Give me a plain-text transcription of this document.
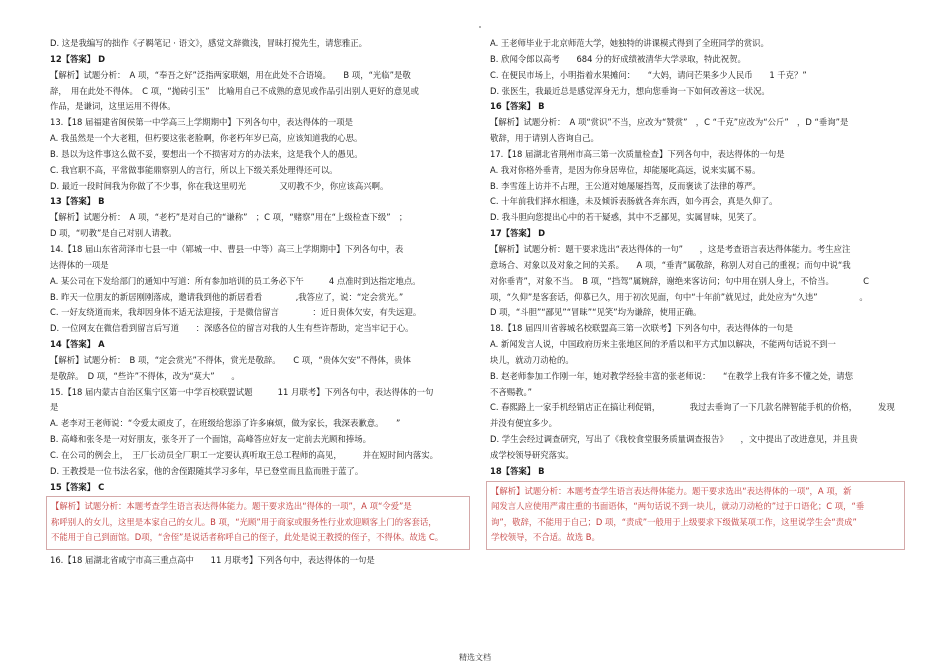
D. 这是我编写的拙作《孑羁笔记 · 语文》，感觉文辞微浅，冒昧打搅先生，请您雅正。
12【答案】 D
【解析】试题分析：　A 项，“奉吾之好”泛指两家联姻，用在此处不合语境。　　B 项，“光临”是敬
辞，　用在此处不得体。　C 项，“抛砖引玉”　比喻用自己不成熟的意见或作品引出别人更好的意见或
作品，是谦词，这里运用不得体。
13.【18 届福建省闽侯第一中学高三上学期期中】下列各句中，表达得体的一项是
A. 我虽然是一个大老粗，但朽要这张老脸啊，你老朽年岁已高，应该知道我的心思。
B. 恳以为这件事这么做不妥，要想出一个不损害对方的办法来，这是我个人的愚见。
C. 我官职不高，平常做事能鼎察别人的言行，所以上下级关系处理得还可以。
D. 最近一段时间我为你做了不少事，你在我这里叨光　　　　又叨教不少，你应该高兴啊。
13【答案】 B
【解析】试题分析：　A 项，“老朽”是对自己的“谦称”　；C 项，“赌察”用在“上级检查下级”　；
D 项，“叨教”是自己对别人请教。
14.【18 届山东省菏泽市七县一中（郓城一中、曹县一中等）高三上学期期中】下列各句中，表
达得体的一项是
A. 某公司在下发给部门的通知中写道：所有参加培训的员工务必下午　　　4 点准时到达指定地点。
B. 昨天一位朋友的新居刚刚落成，邀请我到他的新居看看　　　　,我答应了，说：“定会赏光。”
C. 一好友绕道而来，我却因身体不适无法迎接，于是微信留言　　　　：近日贵体欠安，有失远迎。
D. 一位网友在微信看到留言后写道　　：深感各位的留言对我的人生有些许帮助，定当牢记于心。
14【答案】 A
【解析】试题分析：　B 项，“定会赏光”不得体，赏光是敬辞。　　C 项，“贵体欠安”不得体，贵体
是敬辞。　D 项，“些许”不得体，改为“莫大”　　。
15.【18 届内蒙古自治区集宁区第一中学百校联盟试题　　　11 月联考】下列各句中，表达得体的一句
是
A. 老李对王老师说：“令爱太顽皮了，在班级给您添了许多麻烦，做为家长，我深表歉意。　　”
B. 高峰和张冬是一对好朋友，张冬开了一个面馆，高峰答应好友一定前去光顾和捧场。
C. 在公司的例会上，　王厂长动员全厂职工一定要认真听取王总工程师的高见，　　　并在短时间内落实。
D. 王教授是一位书法名家，他的舍侄跟随其学习多年，早已登堂而且监而胜于蓝了。
15【答案】 C
【解析】试题分析：本题考查学生语言表达得体能力。题干要求选出“得体的一项”，A 项“令爱”是
称呼别人的女儿，这里是本家自己的女儿。B 项，“光顾”用于商家或服务性行业欢迎顾客上门的客套话，
不能用于自己到面馆。D项，“舍侄”是说话者称呼自己的侄子，此处是说王教授的侄子，不得体。故选 C。
16.【18 届湖北省咸宁市高三重点高中　　11 月联考】下列各句中，表达得体的一句是
A. 王老师毕业于北京师范大学，她独特的讲课模式得到了全班同学的赏识。
B. 欣闻令郎以高考　　684 分的好成绩被清华大学录取，特此祝贺。
C. 在便民市场上，小明指着水果摊问：　　“大妈，请问芒果多少人民币　　1 千克？”
D. 张医生，我最近总是感觉浑身无力，想向您垂询一下如何改善这一状况。
16【答案】 B
【解析】试题分析：　A 项“赏识”不当，应改为“赞赏”　，C “千克”应改为“公斤”　，D “垂询”是
敬辞，用于请别人咨询自己。
17.【18 届湖北省荆州市高三第一次质量检查】下列各句中，表达得体的一句是
A. 我对你格外垂青，是因为你身居卑位，却能屡叱高远，说来实属不易。
B. 李雪莲上访并不占理，王公道对她屡屡挡驾，反而褒读了法律的尊严。
C. 十年前我们择水相逢，未及倾诉表肠就各奔东西，如今再会，真是久仰了。
D. 我斗胆向您提出心中的若干疑惑，其中不乏鄙见，实属冒味，见笑了。
17【答案】 D
【解析】试题分析：题干要求选出“表达得体的一句”　　，这是考查语言表达得体能力。考生应注
意场合、对象以及对象之间的关系。　　A 项，“垂青”属敬辞，称别人对自己的重视；而句中说“我
对你垂青”，对象不当。　B 项，“挡驾”属婉辞，谢绝来客访问；句中用在别人身上，不恰当。　　　　C
项，“久仰”是客套话，仰慕已久，用于初次见面，句中“十年前”就见过，此处应为“久违”　　　　　。
D 项，“斗胆”“鄙见”“冒昧”“见笑”均为谦辞，使用正确。
18.【18 届四川省蓉城名校联盟高三第一次联考】下列各句中，表达得体的一句是
A. 新闻发言人说，中国政府历来主张地区间的矛盾以和平方式加以解决，不能两句话说不到一
块儿，就动刀动枪的。
B. 赵老师参加工作刚一年，她对教学经验丰富的张老师说：　　“在教学上我有许多不懂之处，请您
不吝赐教。”
C. 春熙路上一家手机经销店正在搞让利促销，　　　　我过去垂询了一下几款名牌智能手机的价格，　　　发现
并没有便宜多少。
D. 学生会经过调查研究，写出了《我校食堂服务质量调查报告》　　，文中提出了改进意见，并且贵
成学校领导研究落实。
18【答案】 B
【解析】试题分析：本题考查学生语言表达得体能力。题干要求选出“表达得体的一项”，A 项，新
闻发言人应使用严肃庄重的书面语体，“两句话说不到一块儿，就动刀动枪的”过于口语化；C 项，“垂
询”，敬辞，不能用于自己；D 项，“责成”一般用于上级要求下级做某项工作，这里说学生会“责成”
学校领导，不合适。故选 B。
精选文档
